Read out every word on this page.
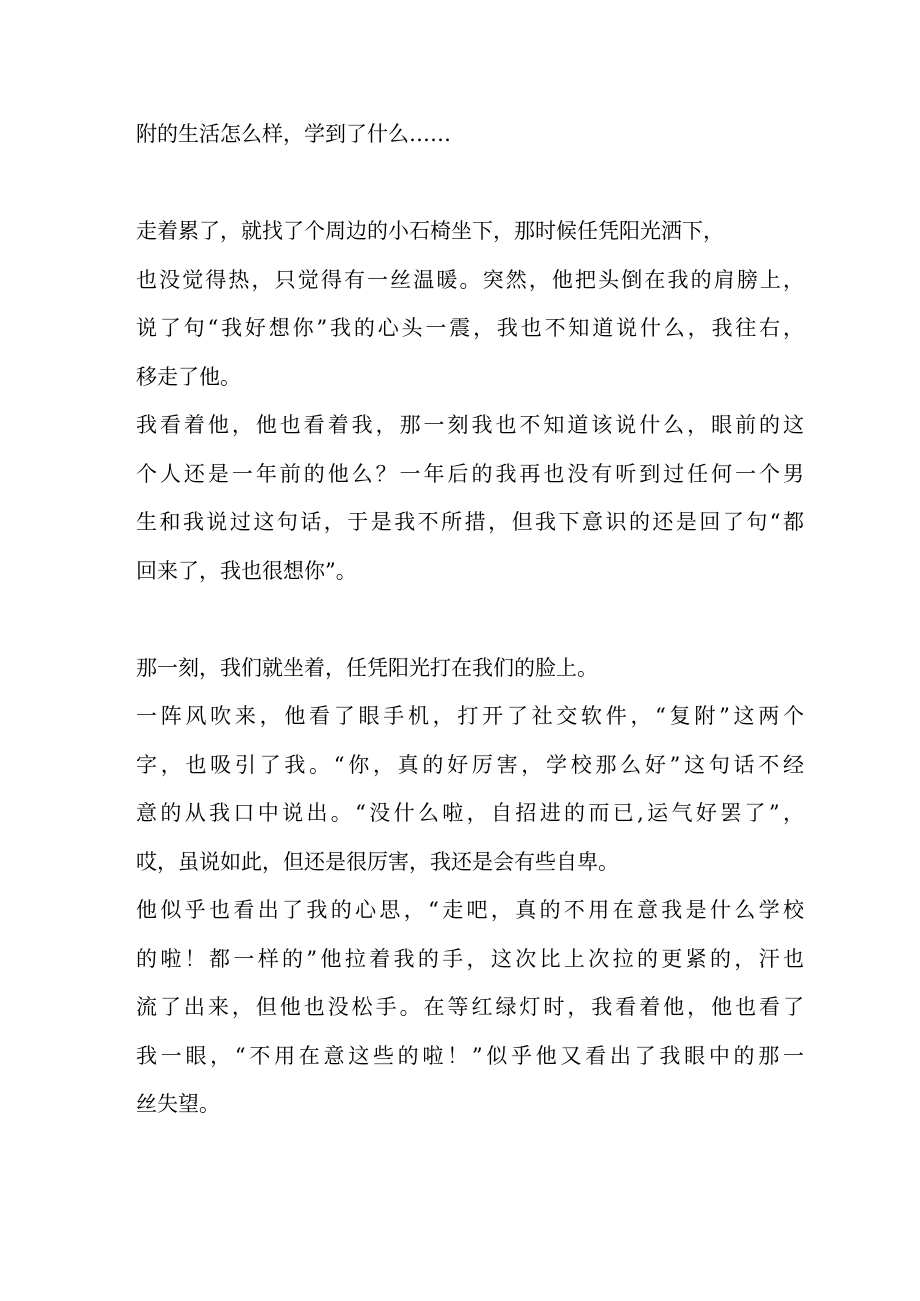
附的生活怎么样，学到了什么……
走着累了，就找了个周边的小石椅坐下，那时候任凭阳光洒下，
也没觉得热，只觉得有一丝温暖。突然，他把头倒在我的肩膀上，
说了句“我好想你”我的心头一震，我也不知道说什么，我往右，
移走了他。
我看着他，他也看着我，那一刻我也不知道该说什么，眼前的这
个人还是一年前的他么？一年后的我再也没有听到过任何一个男
生和我说过这句话，于是我不所措，但我下意识的还是回了句“都
回来了，我也很想你”。
那一刻，我们就坐着，任凭阳光打在我们的脸上。
一阵风吹来，他看了眼手机，打开了社交软件，“复附”这两个
字，也吸引了我。“你，真的好厉害，学校那么好”这句话不经
意的从我口中说出。“没什么啦，自招进的而已,运气好罢了”，
哎，虽说如此，但还是很厉害，我还是会有些自卑。
他似乎也看出了我的心思，“走吧，真的不用在意我是什么学校
的啦！都一样的”他拉着我的手，这次比上次拉的更紧的，汗也
流了出来，但他也没松手。在等红绿灯时，我看着他，他也看了
我一眼，“不用在意这些的啦！”似乎他又看出了我眼中的那一
丝失望。
